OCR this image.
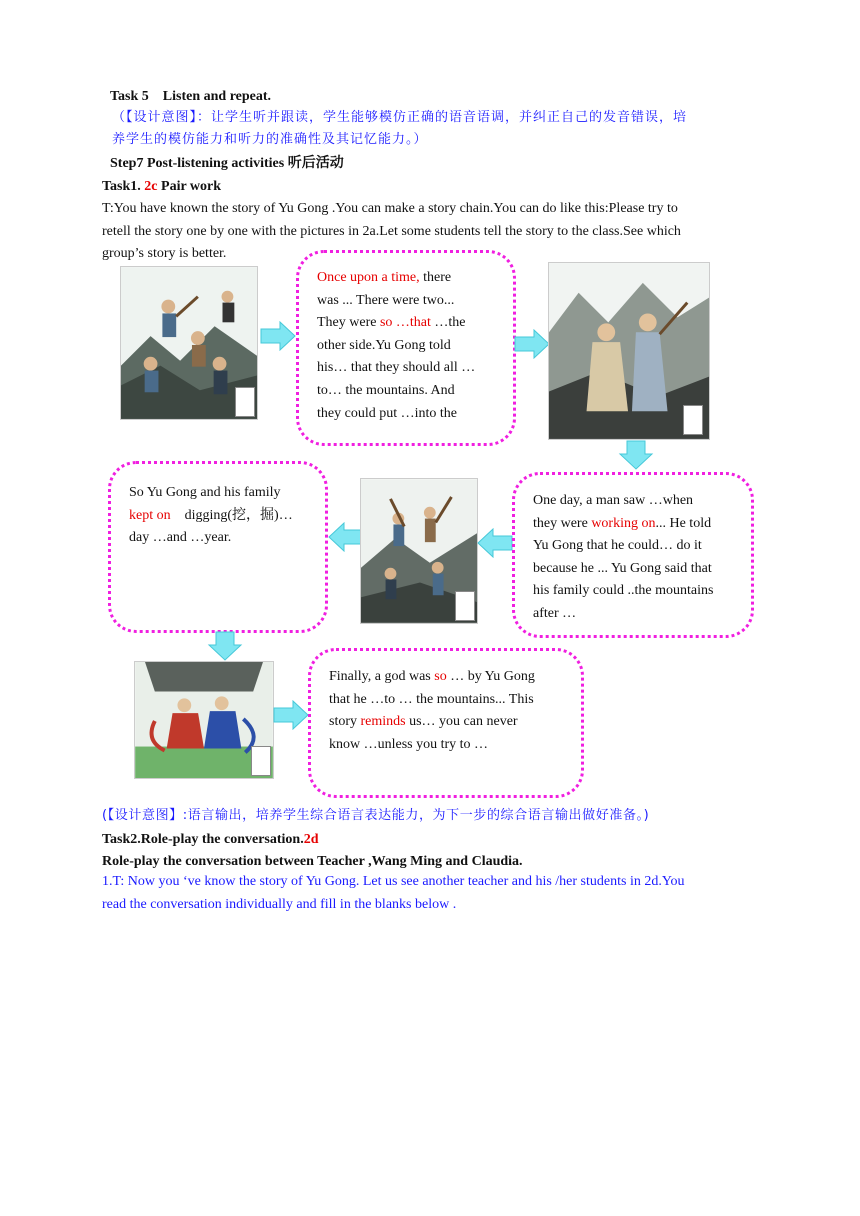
Task 5　Listen and repeat.
（【设计意图】：让学生听并跟读，学生能够模仿正确的语音语调，并纠正自己的发音错误，培
养学生的模仿能力和听力的准确性及其记忆能力。）
Step7 Post-listening activities 听后活动
Task1. 2c Pair work
T:You have known the story of Yu Gong .You can make a story chain.You can do like this:Please try to
retell the story one by one with the pictures in 2a.Let some students tell the story to the class.See which
group’s story is better.
Once upon a time, there
was ... There were two...
They were so …that …the
other side.Yu Gong told
his… that they should all …
to… the mountains. And
they could put …into the
So Yu Gong and his family
kept on    digging(挖，掘)…
day …and …year.
One day, a man saw …when
they were working on... He told
Yu Gong that he could… do it
because he ... Yu Gong said that
his family could ..the mountains
after …
Finally, a god was so … by Yu Gong
that he …to … the mountains... This
story reminds us… you can never
know …unless you try to …
(【设计意图】:语言输出，培养学生综合语言表达能力，为下一步的综合语言输出做好准备。)
Task2.Role-play the conversation.2d
Role-play the conversation between Teacher ,Wang Ming and Claudia.
1.T: Now you ‘ve know the story of Yu Gong. Let us see another teacher and his /her students in 2d.You
read the conversation individually and fill in the blanks below .
